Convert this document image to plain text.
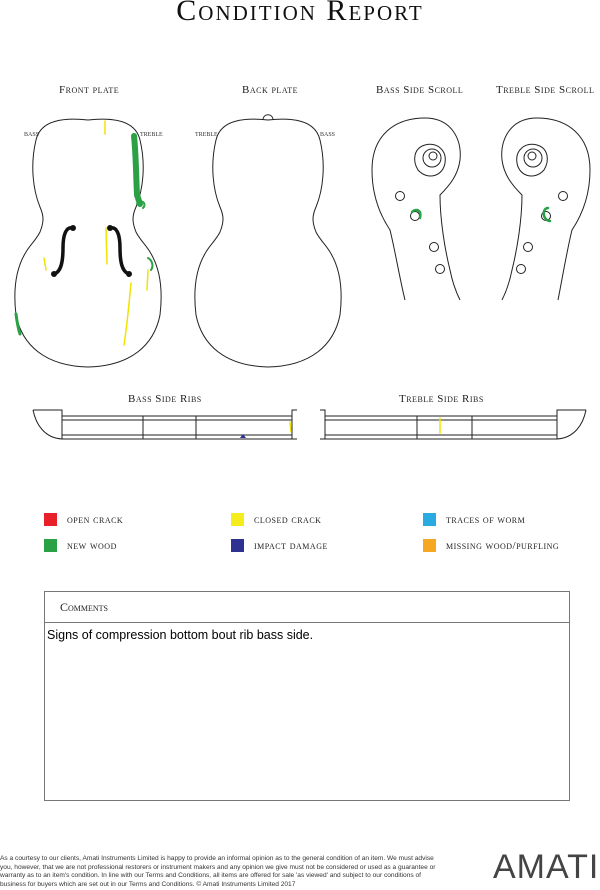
Condition Report
Front plate	Back plate	Bass Side Scroll	Treble Side Scroll
Bass Side Ribs	Treble Side Ribs
bass	treble	treble	bass
open crack	closed crack	traces of worm
new wood	impact damage	missing wood/purfling
Comments
Signs of compression bottom bout rib bass side.
As a courtesy to our clients, Amati Instruments Limited is happy to provide an informal opinion as to the general condition of an item. We must advise you, however, that we are not professional restorers or instrument makers and any opinion we give must not be considered or used as a guarantee or warranty as to an item's condition. In line with our Terms and Conditions, all items are offered for sale 'as viewed' and subject to our conditions of business for buyers which are set out in our Terms and Conditions. © Amati Instruments Limited 2017	AMATI
